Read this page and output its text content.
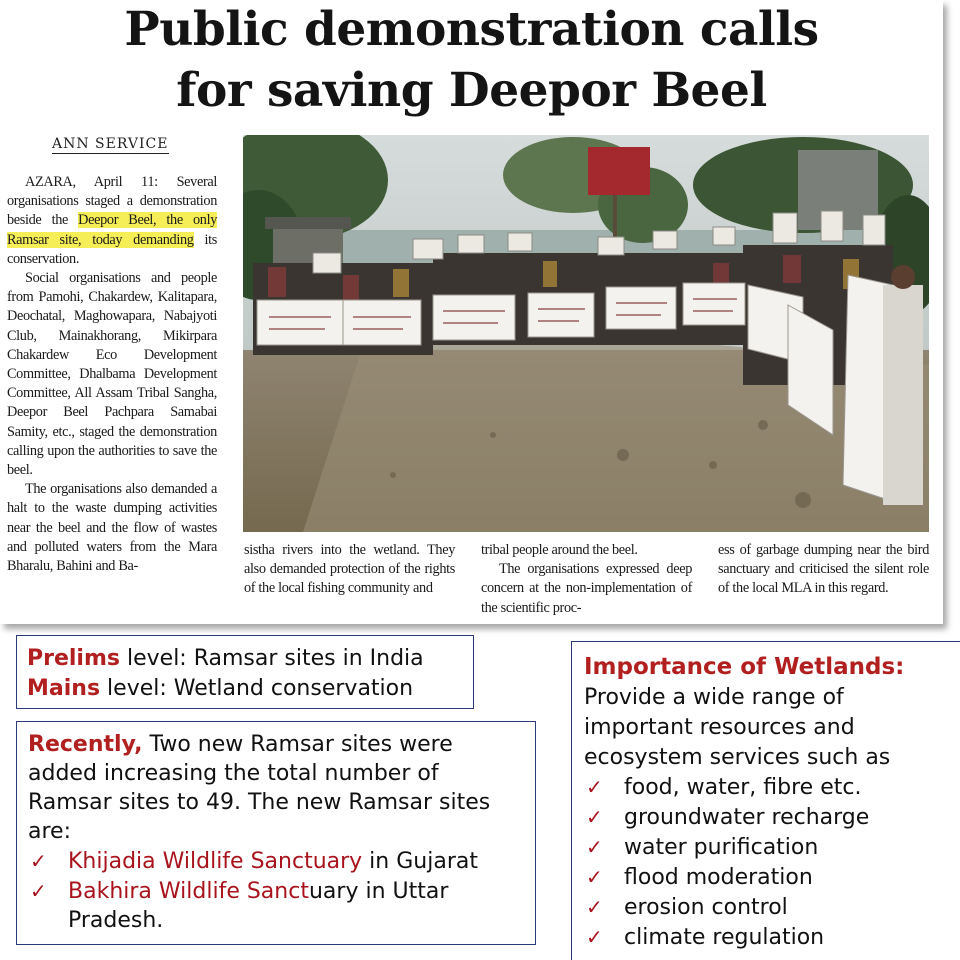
Public demonstration calls
for saving Deepor Beel
ANN SERVICE

AZARA, April 11: Several organisations staged a demonstration beside the Deepor Beel, the only Ramsar site, today demanding its conservation.

Social organisations and people from Pamohi, Chakardew, Kalitapara, Deochatal, Maghowapara, Nabajyoti Club, Mainakhorang, Mikirpara Chakardew Eco Development Committee, Dhalbama Development Committee, All Assam Tribal Sangha, Deepor Beel Pachpara Samabai Samity, etc., staged the demonstration calling upon the authorities to save the beel.

The organisations also demanded a halt to the waste dumping activities near the beel and the flow of wastes and polluted waters from the Mara Bharalu, Bahini and Ba-

sistha rivers into the wetland. They also demanded protection of the rights of the local fishing community and

tribal people around the beel.

The organisations expressed deep concern at the non-implementation of the scientific proc-

ess of garbage dumping near the bird sanctuary and criticised the silent role of the local MLA in this regard.

Prelims level: Ramsar sites in India
Mains level: Wetland conservation
Recently, Two new Ramsar sites were
added increasing the total number of
Ramsar sites to 49. The new Ramsar sites
are:
✓ Khijadia Wildlife Sanctuary in Gujarat
✓ Bakhira Wildlife Sanctuary in Uttar
Pradesh.
Importance of Wetlands:
Provide a wide range of
important resources and
ecosystem services such as
✓ food, water, fibre etc.
✓ groundwater recharge
✓ water purification
✓ flood moderation
✓ erosion control
✓ climate regulation
